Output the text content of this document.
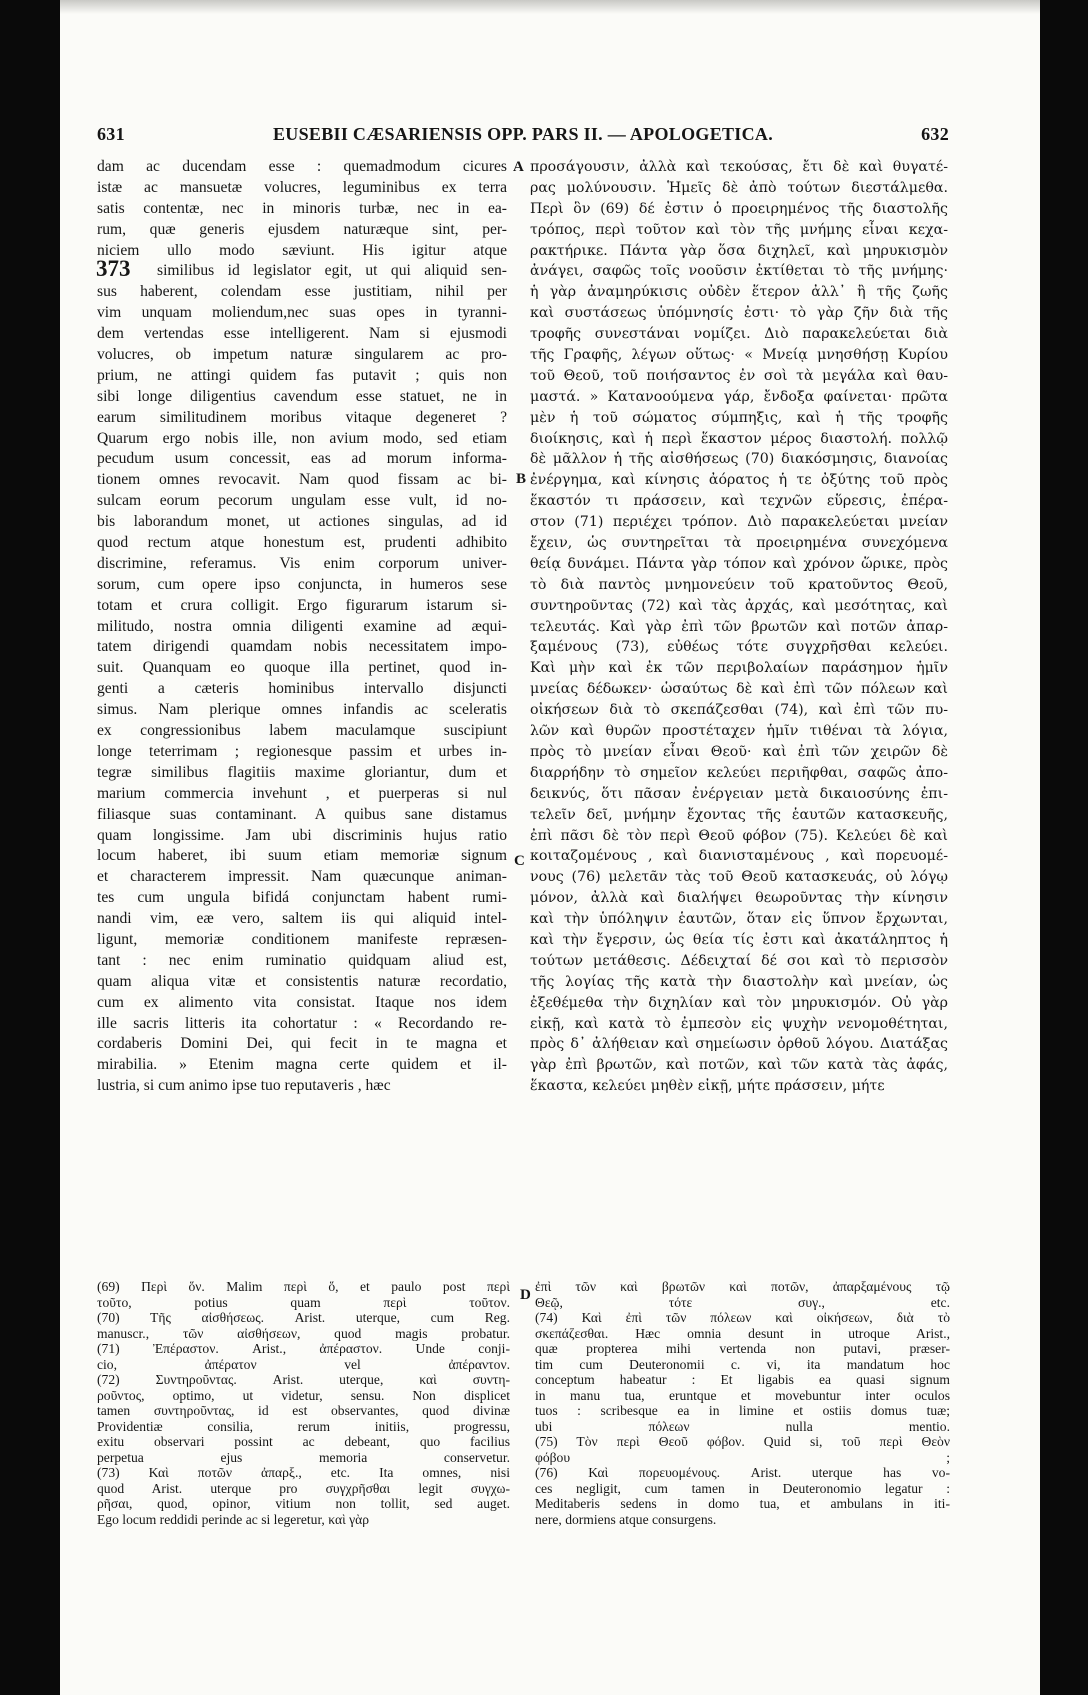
631	EUSEBII CÆSARIENSIS OPP. PARS II. — APOLOGETICA.	632
373
A
B
C
D
dam ac ducendam esse : quemadmodum cicures
istæ ac mansuetæ volucres, leguminibus ex terra
satis contentæ, nec in minoris turbæ, nec in ea-
rum, quæ generis ejusdem naturæque sint, per-
niciem ullo modo sæviunt. His igitur atque
similibus id legislator egit, ut qui aliquid sen-
sus haberent, colendam esse justitiam, nihil per
vim unquam moliendum,nec suas opes in tyranni-
dem vertendas esse intelligerent. Nam si ejusmodi
volucres, ob impetum naturæ singularem ac pro-
prium, ne attingi quidem fas putavit ; quis non
sibi longe diligentius cavendum esse statuet, ne in
earum similitudinem moribus vitaque degeneret ?
Quarum ergo nobis ille, non avium modo, sed etiam
pecudum usum concessit, eas ad morum informa-
tionem omnes revocavit. Nam quod fissam ac bi-
sulcam eorum pecorum ungulam esse vult, id no-
bis laborandum monet, ut actiones singulas, ad id
quod rectum atque honestum est, prudenti adhibito
discrimine, referamus. Vis enim corporum univer-
sorum, cum opere ipso conjuncta, in humeros sese
totam et crura colligit. Ergo figurarum istarum si-
militudo, nostra omnia diligenti examine ad æqui-
tatem dirigendi quamdam nobis necessitatem impo-
suit. Quanquam eo quoque illa pertinet, quod in-
genti a cæteris hominibus intervallo disjuncti
simus. Nam plerique omnes infandis ac sceleratis
ex congressionibus labem maculamque suscipiunt
longe teterrimam ; regionesque passim et urbes in-
tegræ similibus flagitiis maxime gloriantur, dum et
marium commercia invehunt , et puerperas si nul
filiasque suas contaminant. A quibus sane distamus
quam longissime. Jam ubi discriminis hujus ratio
locum haberet, ibi suum etiam memoriæ signum
et characterem impressit. Nam quæcunque animan-
tes cum ungula bifidá conjunctam habent rumi-
nandi vim, eæ vero, saltem iis qui aliquid intel-
ligunt, memoriæ conditionem manifeste repræsen-
tant : nec enim ruminatio quidquam aliud est,
quam aliqua vitæ et consistentis naturæ recordatio,
cum ex alimento vita consistat. Itaque nos idem
ille sacris litteris ita cohortatur : « Recordando re-
cordaberis Domini Dei, qui fecit in te magna et
mirabilia. » Etenim magna certe quidem et il-
lustria, si cum animo ipse tuo reputaveris , hæc
προσάγουσιν, ἀλλὰ καὶ τεκούσας, ἔτι δὲ καὶ θυγατέ-
ρας μολύνουσιν. Ἡμεῖς δὲ ἀπὸ τούτων διεστάλμεθα.
Περὶ ὃν (69) δέ ἐστιν ὁ προειρημένος τῆς διαστολῆς
τρόπος, περὶ τοῦτον καὶ τὸν τῆς μνήμης εἶναι κεχα-
ρακτήρικε. Πάντα γὰρ ὅσα διχηλεῖ, καὶ μηρυκισμὸν
ἀνάγει, σαφῶς τοῖς νοοῦσιν ἐκτίθεται τὸ τῆς μνήμης·
ἡ γὰρ ἀναμηρύκισις οὐδὲν ἕτερον ἀλλ᾽ ἢ τῆς ζωῆς
καὶ συστάσεως ὑπόμνησίς ἐστι· τὸ γὰρ ζῆν διὰ τῆς
τροφῆς συνεστάναι νομίζει. Διὸ παρακελεύεται διὰ
τῆς Γραφῆς, λέγων οὕτως· « Μνείᾳ μνησθήσῃ Κυρίου
τοῦ Θεοῦ, τοῦ ποιήσαντος ἐν σοὶ τὰ μεγάλα καὶ θαυ-
μαστά. » Κατανοούμενα γάρ, ἔνδοξα φαίνεται· πρῶτα
μὲν ἡ τοῦ σώματος σύμπηξις, καὶ ἡ τῆς τροφῆς
διοίκησις, καὶ ἡ περὶ ἕκαστον μέρος διαστολή. πολλῷ
δὲ μᾶλλον ἡ τῆς αἰσθήσεως (70) διακόσμησις, διανοίας
ἐνέργημα, καὶ κίνησις ἀόρατος ἡ τε ὀξύτης τοῦ πρὸς
ἕκαστόν τι πράσσειν, καὶ τεχνῶν εὕρεσις, ἐπέρα-
στον (71) περιέχει τρόπον. Διὸ παρακελεύεται μνείαν
ἔχειν, ὡς συντηρεῖται τὰ προειρημένα συνεχόμενα
θείᾳ δυνάμει. Πάντα γὰρ τόπον καὶ χρόνον ὥρικε, πρὸς
τὸ διὰ παντὸς μνημονεύειν τοῦ κρατοῦντος Θεοῦ,
συντηροῦντας (72) καὶ τὰς ἀρχάς, καὶ μεσότητας, καὶ
τελευτάς. Καὶ γὰρ ἐπὶ τῶν βρωτῶν καὶ ποτῶν ἀπαρ-
ξαμένους (73), εὐθέως τότε συγχρῆσθαι κελεύει.
Καὶ μὴν καὶ ἐκ τῶν περιβολαίων παράσημον ἡμῖν
μνείας δέδωκεν· ὡσαύτως δὲ καὶ ἐπὶ τῶν πόλεων καὶ
οἰκήσεων διὰ τὸ σκεπάζεσθαι (74), καὶ ἐπὶ τῶν πυ-
λῶν καὶ θυρῶν προστέταχεν ἡμῖν τιθέναι τὰ λόγια,
πρὸς τὸ μνείαν εἶναι Θεοῦ· καὶ ἐπὶ τῶν χειρῶν δὲ
διαρρήδην τὸ σημεῖον κελεύει περιῆφθαι, σαφῶς ἀπο-
δεικνύς, ὅτι πᾶσαν ἐνέργειαν μετὰ δικαιοσύνης ἐπι-
τελεῖν δεῖ, μνήμην ἔχοντας τῆς ἑαυτῶν κατασκευῆς,
ἐπὶ πᾶσι δὲ τὸν περὶ Θεοῦ φόβον (75). Κελεύει δὲ καὶ
κοιταζομένους , καὶ διανισταμένους , καὶ πορευομέ-
νους (76) μελετᾶν τὰς τοῦ Θεοῦ κατασκευάς, οὐ λόγῳ
μόνον, ἀλλὰ καὶ διαλήψει θεωροῦντας τὴν κίνησιν
καὶ τὴν ὑπόληψιν ἑαυτῶν, ὅταν εἰς ὕπνον ἔρχωνται,
καὶ τὴν ἔγερσιν, ὡς θεία τίς ἐστι καὶ ἀκατάληπτος ἡ
τούτων μετάθεσις. Δέδειχταί δέ σοι καὶ τὸ περισσὸν
τῆς λογίας τῆς κατὰ τὴν διαστολὴν καὶ μνείαν, ὡς
ἐξεθέμεθα τὴν διχηλίαν καὶ τὸν μηρυκισμόν. Οὐ γὰρ
εἰκῇ, καὶ κατὰ τὸ ἐμπεσὸν εἰς ψυχὴν νενομοθέτηται,
πρὸς δ᾽ ἀλήθειαν καὶ σημείωσιν ὀρθοῦ λόγου. Διατάξας
γὰρ ἐπὶ βρωτῶν, καὶ ποτῶν, καὶ τῶν κατὰ τὰς ἀφάς,
ἕκαστα, κελεύει μηθὲν εἰκῇ, μήτε πράσσειν, μήτε
(69) Περὶ ὅν. Malim περὶ ὅ, et paulo post περὶ
τοῦτο, potius quam περὶ τοῦτον.
(70) Τῆς αἰσθήσεως. Arist. uterque, cum Reg.
manuscr., τῶν αἰσθήσεων, quod magis probatur.
(71) Ἐπέραστον. Arist., ἀπέραστον. Unde conji-
cio, ἀπέρατον vel ἀπέραντον.
(72) Συντηροῦντας. Arist. uterque, καὶ συντη-
ροῦντος, optimo, ut videtur, sensu. Non displicet
tamen συντηροῦντας, id est observantes, quod divinæ
Providentiæ consilia, rerum initiis, progressu,
exitu observari possint ac debeant, quo facilius
perpetua ejus memoria conservetur.
(73) Καὶ ποτῶν ἀπαρξ., etc. Ita omnes, nisi
quod Arist. uterque pro συγχρῆσθαι legit συγχω-
ρῆσαι, quod, opinor, vitium non tollit, sed auget.
Ego locum reddidi perinde ac si legeretur, καὶ γὰρ
ἐπὶ τῶν καὶ βρωτῶν καὶ ποτῶν, ἀπαρξαμένους τῷ
Θεῷ, τότε συγ., etc.
(74) Καὶ ἐπὶ τῶν πόλεων καὶ οἰκήσεων, διὰ τὸ
σκεπάζεσθαι. Hæc omnia desunt in utroque Arist.,
quæ propterea mihi vertenda non putavi, præser-
tim cum Deuteronomii c. vi, ita mandatum hoc
conceptum habeatur : Et ligabis ea quasi signum
in manu tua, eruntque et movebuntur inter oculos
tuos : scribesque ea in limine et ostiis domus tuæ;
ubi πόλεων nulla mentio.
(75) Τὸν περὶ Θεοῦ φόβον. Quid si, τοῦ περὶ Θεὸν
φόβου ;
(76) Καὶ πορευομένους. Arist. uterque has vo-
ces negligit, cum tamen in Deuteronomio legatur :
Meditaberis sedens in domo tua, et ambulans in iti-
nere, dormiens atque consurgens.
